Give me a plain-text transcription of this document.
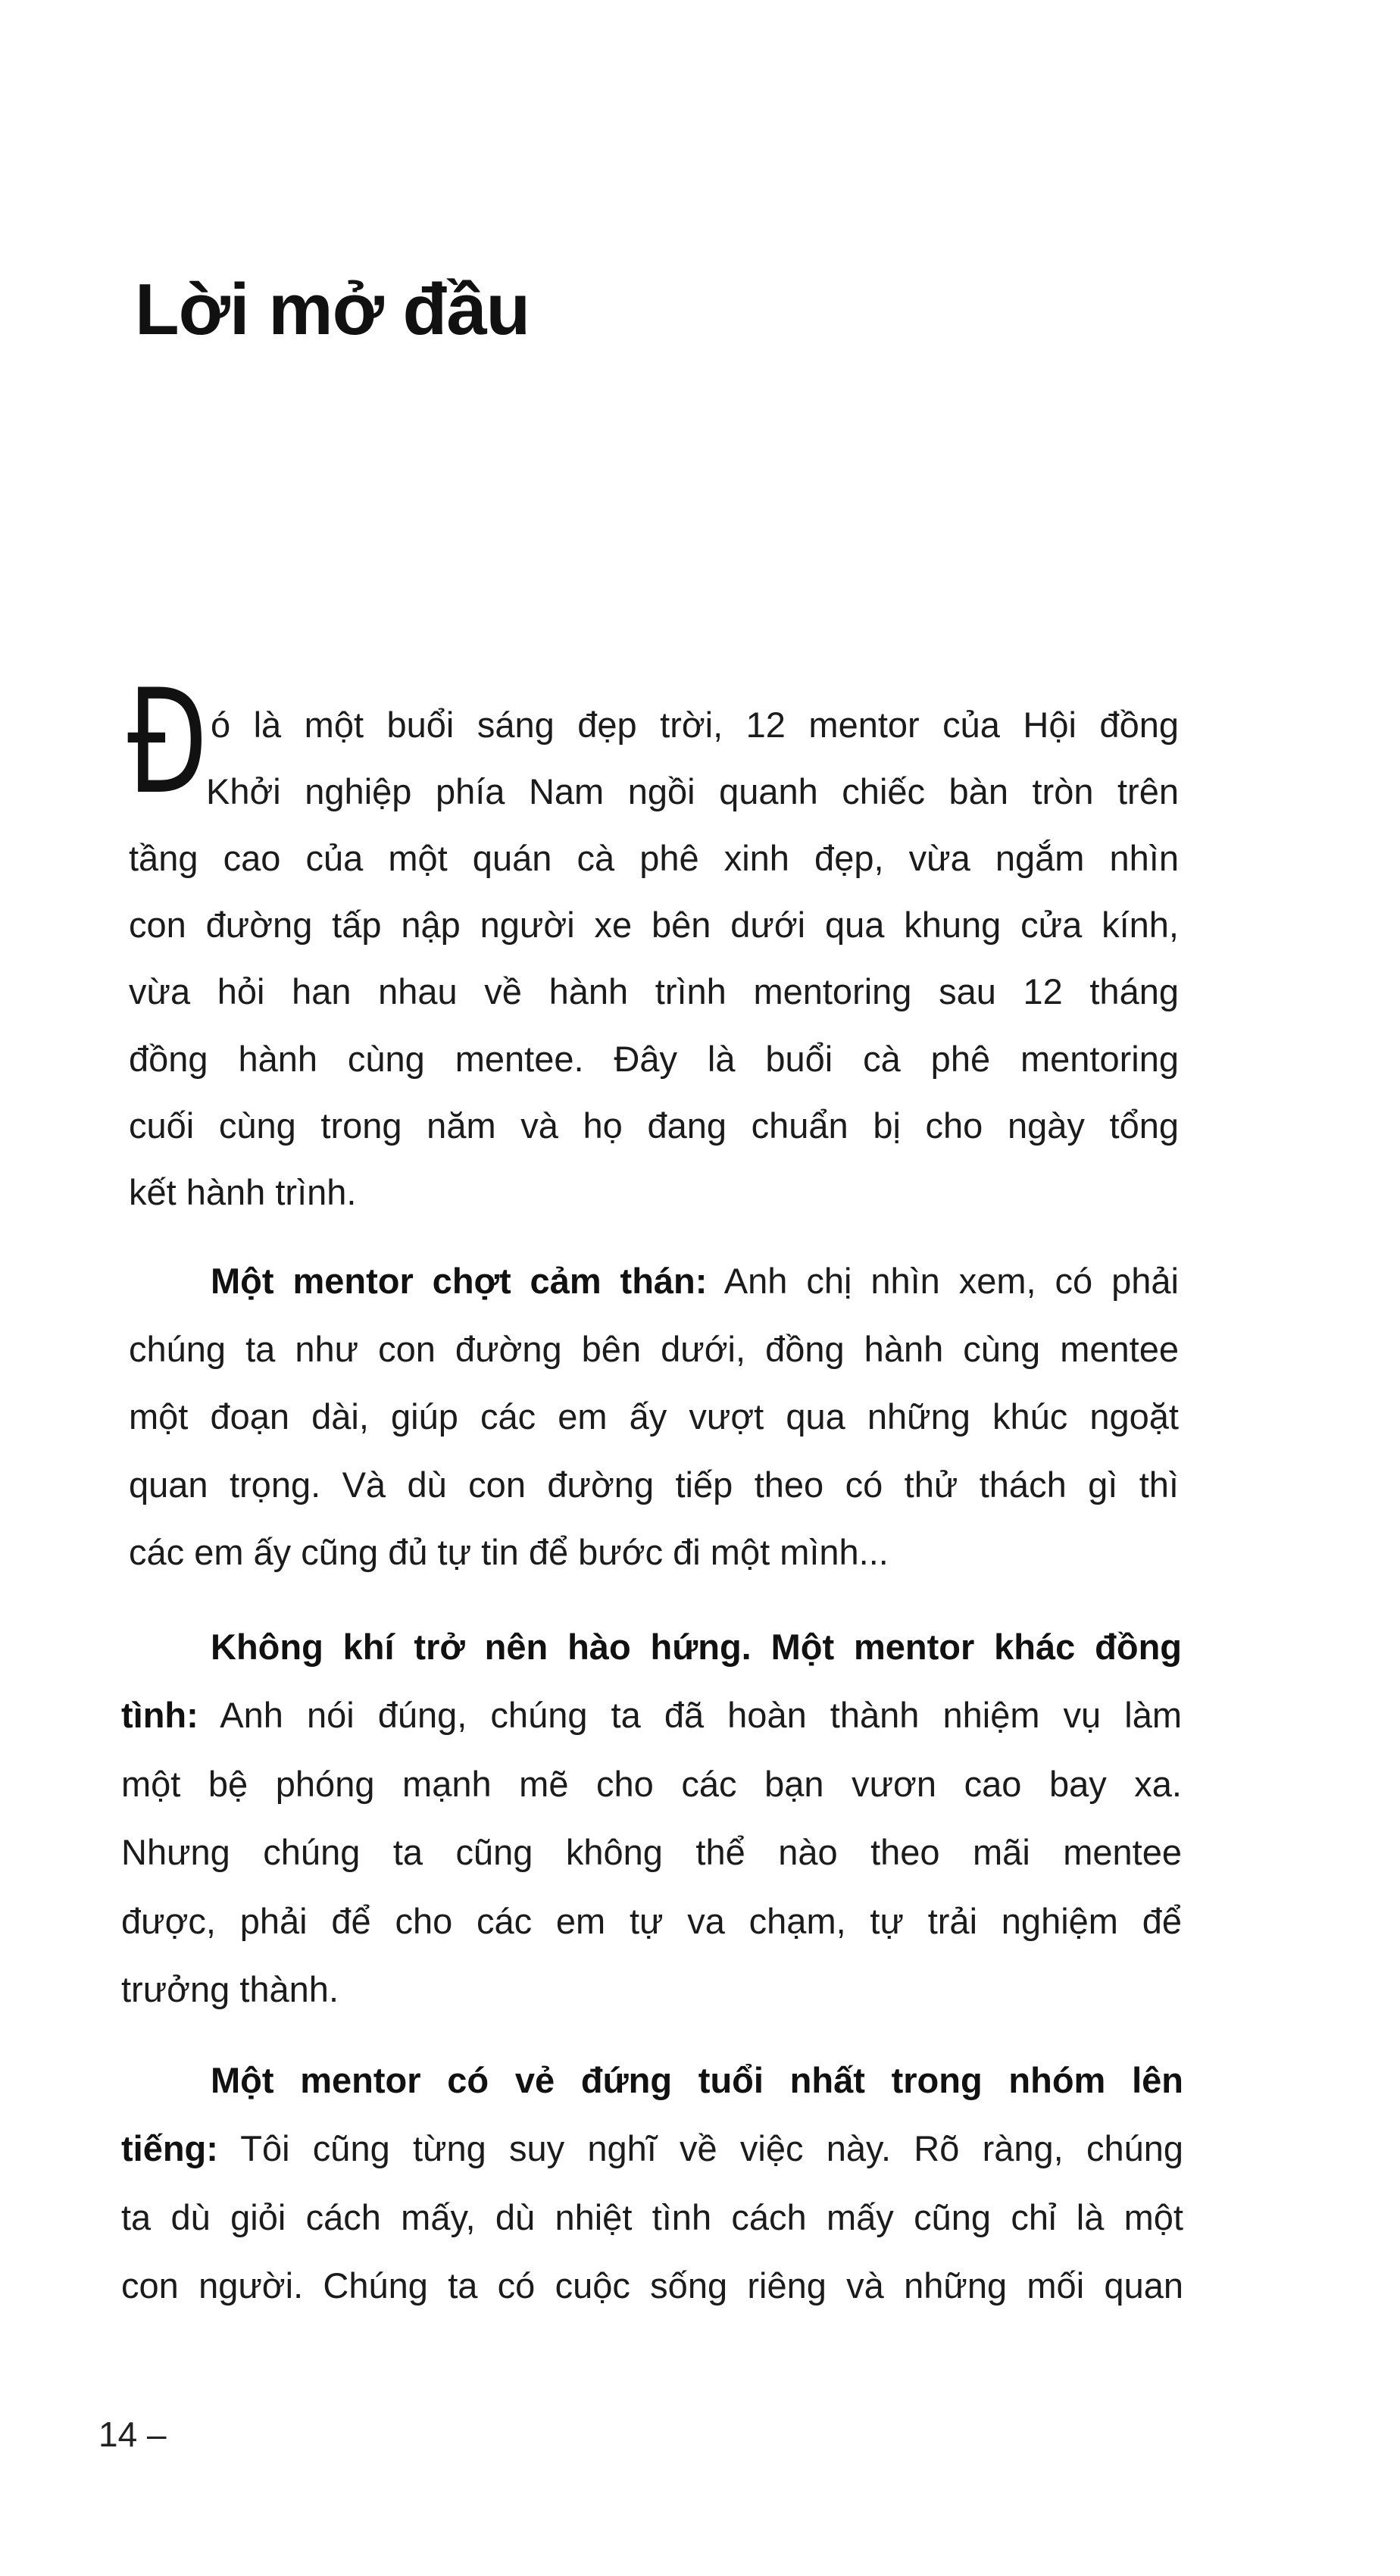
Lời mở đầu
Đ ó là một buổi sáng đẹp trời, 12 mentor của Hội đồng
Khởi nghiệp phía Nam ngồi quanh chiếc bàn tròn trên
tầng cao của một quán cà phê xinh đẹp, vừa ngắm nhìn
con đường tấp nập người xe bên dưới qua khung cửa kính,
vừa hỏi han nhau về hành trình mentoring sau 12 tháng
đồng hành cùng mentee. Đây là buổi cà phê mentoring
cuối cùng trong năm và họ đang chuẩn bị cho ngày tổng
kết hành trình.
Một mentor chợt cảm thán: Anh chị nhìn xem, có phải
chúng ta như con đường bên dưới, đồng hành cùng mentee
một đoạn dài, giúp các em ấy vượt qua những khúc ngoặt
quan trọng. Và dù con đường tiếp theo có thử thách gì thì
các em ấy cũng đủ tự tin để bước đi một mình...
Không khí trở nên hào hứng. Một mentor khác đồng
tình: Anh nói đúng, chúng ta đã hoàn thành nhiệm vụ làm
một bệ phóng mạnh mẽ cho các bạn vươn cao bay xa.
Nhưng chúng ta cũng không thể nào theo mãi mentee
được, phải để cho các em tự va chạm, tự trải nghiệm để
trưởng thành.
Một mentor có vẻ đứng tuổi nhất trong nhóm lên
tiếng: Tôi cũng từng suy nghĩ về việc này. Rõ ràng, chúng
ta dù giỏi cách mấy, dù nhiệt tình cách mấy cũng chỉ là một
con người. Chúng ta có cuộc sống riêng và những mối quan
14 –
